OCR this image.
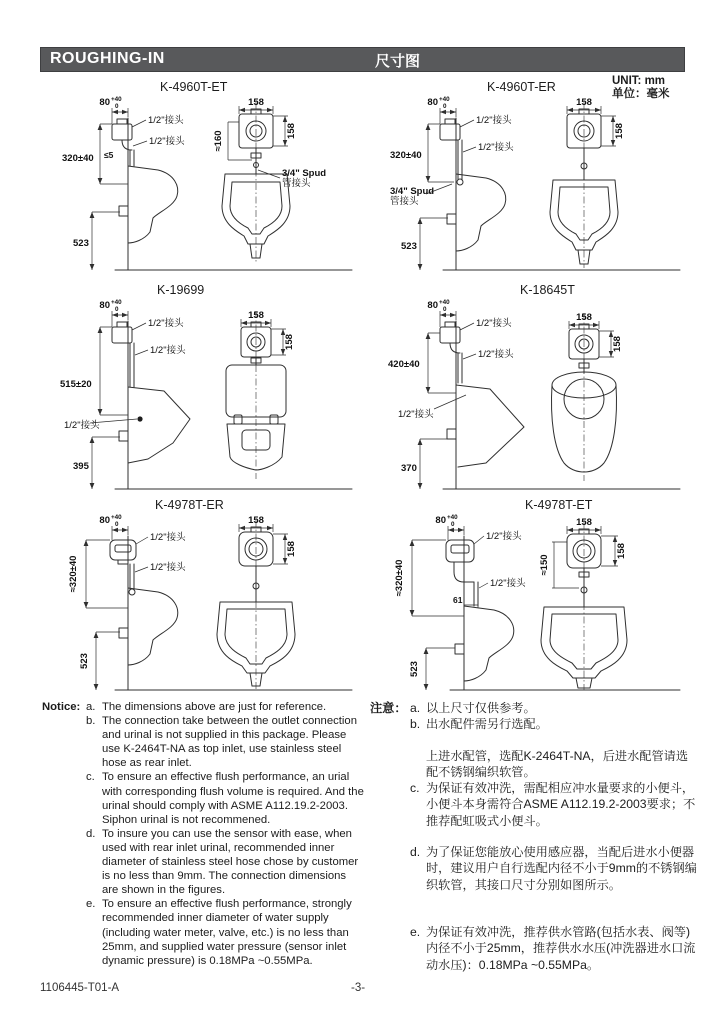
ROUGHING-IN	尺寸图
UNIT: mm
单位：毫米
K-4960T-ET
80 +40
0
1/2"接头
1/2"接头
≤5
320±40
523
158
158
≈160
3/4" Spud
管接头
K-4960T-ER
80 +40
0
1/2"接头
1/2"接头
320±40
3/4" Spud
管接头
523
158
158
K-19699
80 +40
0
1/2"接头
1/2"接头
1/2"接头
515±20
395
158
158
K-18645T
80 +40
0
1/2"接头
1/2"接头
1/2"接头
420±40
370
158
158
K-4978T-ER
80 +40
0
1/2"接头
1/2"接头
≈320±40
523
158
158
K-4978T-ET
80 +40
0
1/2"接头
1/2"接头
61
≈320±40
523
158
158
≈150
Notice: a. The dimensions above are just for reference.
b. The connection take between the outlet connection and urinal is not supplied in this package. Please use K-2464T-NA as top inlet, use stainless steel hose as rear inlet.
c. To ensure an effective flush performance, an urial with corresponding flush volume is required. And the urinal should comply with ASME A112.19.2-2003. Siphon urinal is not recommened.
d. To insure you can use the sensor with ease, when used with rear inlet urinal, recommended inner diameter of stainless steel hose chose by customer is no less than 9mm. The connection dimensions are shown in the figures.
e. To ensure an effective flush performance, strongly recommended inner diameter of water supply (including water meter, valve, etc.) is no less than 25mm, and supplied water pressure (sensor inlet dynamic pressure) is 0.18MPa ~0.55MPa.
注意： a. 以上尺寸仅供参考。
b. 出水配件需另行选配。
上进水配管，选配K-2464T-NA，后进水配管请选配不锈钢编织软管。
c. 为保证有效冲洗，需配相应冲水量要求的小便斗，小便斗本身需符合ASME A112.19.2-2003要求；不推荐配虹吸式小便斗。
d. 为了保证您能放心使用感应器，当配后进水小便器时，建议用户自行选配内径不小于9mm的不锈钢编织软管，其接口尺寸分别如图所示。
e. 为保证有效冲洗，推荐供水管路(包括水表、阀等)内径不小于25mm，推荐供水水压(冲洗器进水口流动水压)：0.18MPa ~0.55MPa。
1106445-T01-A	-3-
